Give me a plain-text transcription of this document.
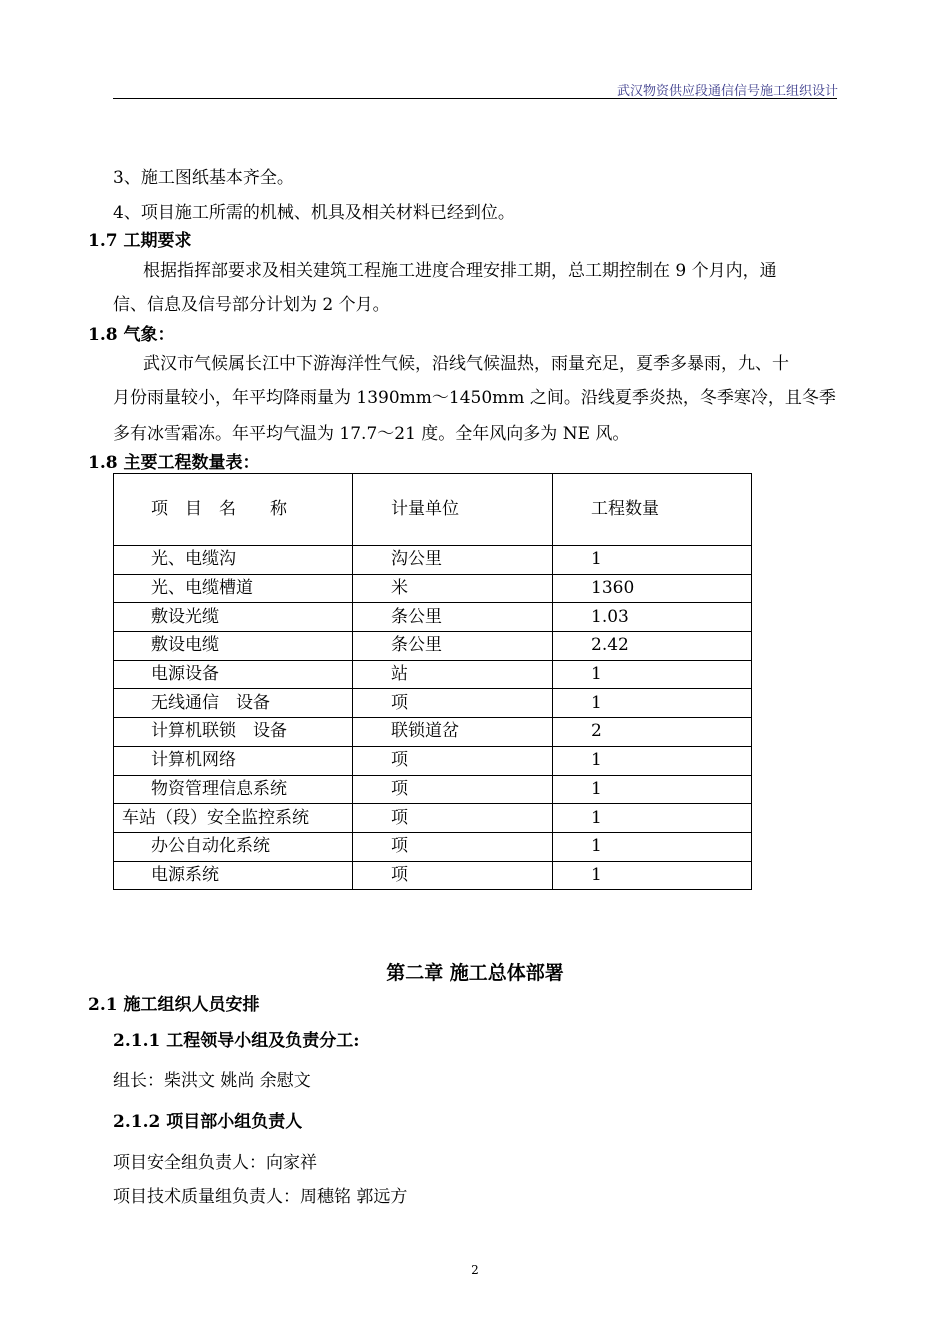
武汉物资供应段通信信号施工组织设计
3、施工图纸基本齐全。
4、项目施工所需的机械、机具及相关材料已经到位。
1.7 工期要求
根据指挥部要求及相关建筑工程施工进度合理安排工期，总工期控制在 9 个月内，通
信、信息及信号部分计划为 2 个月。
1.8 气象：
武汉市气候属长江中下游海洋性气候，沿线气候温热，雨量充足，夏季多暴雨，九、十
月份雨量较小，年平均降雨量为 1390mm～1450mm 之间。沿线夏季炎热，冬季寒冷，且冬季
多有冰雪霜冻。年平均气温为 17.7～21 度。全年风向多为 NE 风。
1.8 主要工程数量表：
项　目　名　　称	计量单位	工程数量
光、电缆沟	沟公里	1
光、电缆槽道	米	1360
敷设光缆	条公里	1.03
敷设电缆	条公里	2.42
电源设备	站	1
无线通信　设备	项	1
计算机联锁　设备	联锁道岔	2
计算机网络	项	1
物资管理信息系统	项	1
车站（段）安全监控系统	项	1
办公自动化系统	项	1
电源系统	项	1
第二章 施工总体部署
2.1 施工组织人员安排
2.1.1 工程领导小组及负责分工:
组长：柴洪文 姚尚 余慰文
2.1.2 项目部小组负责人
项目安全组负责人：向家祥
项目技术质量组负责人：周穗铭 郭远方
2
